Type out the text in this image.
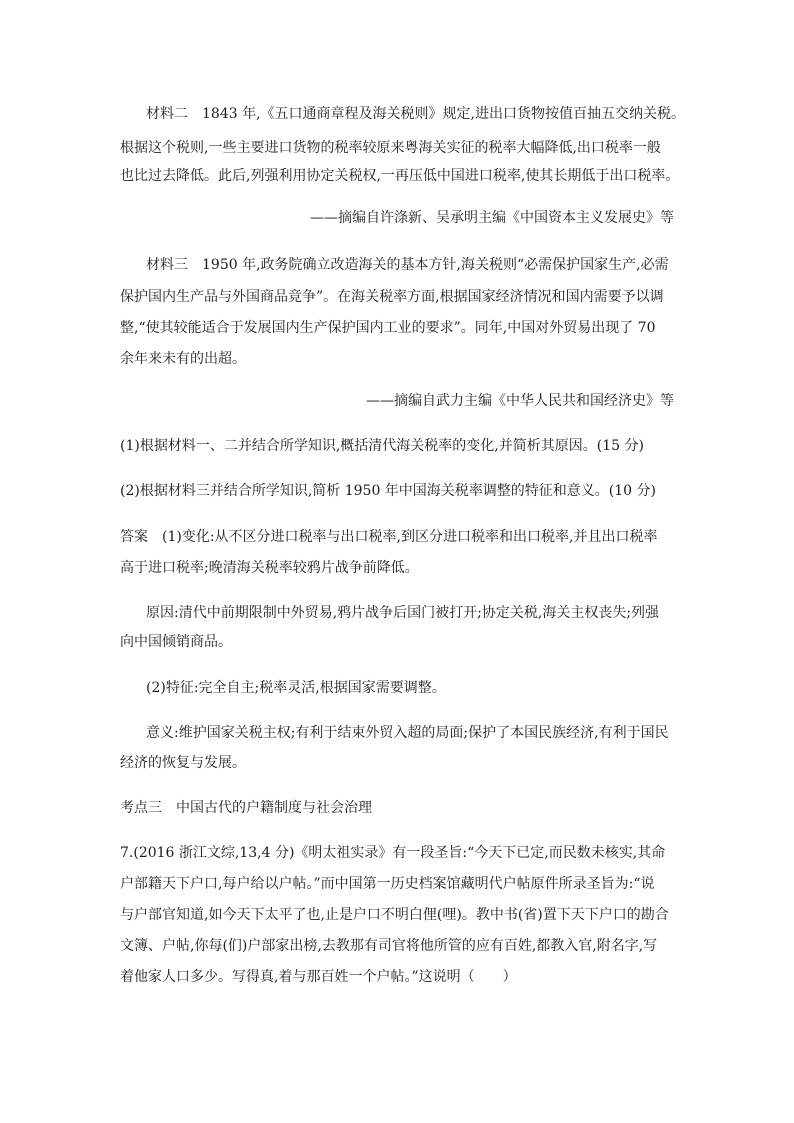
材料二　1843 年,《五口通商章程及海关税则》规定,进出口货物按值百抽五交纳关税。
根据这个税则,一些主要进口货物的税率较原来粤海关实征的税率大幅降低,出口税率一般
也比过去降低。此后,列强利用协定关税权,一再压低中国进口税率,使其长期低于出口税率。
——摘编自许涤新、吴承明主编《中国资本主义发展史》等
材料三　1950 年,政务院确立改造海关的基本方针,海关税则“必需保护国家生产,必需
保护国内生产品与外国商品竞争”。在海关税率方面,根据国家经济情况和国内需要予以调
整,“使其较能适合于发展国内生产保护国内工业的要求”。同年,中国对外贸易出现了 70
余年来未有的出超。
——摘编自武力主编《中华人民共和国经济史》等
(1)根据材料一、二并结合所学知识,概括清代海关税率的变化,并简析其原因。(15 分)
(2)根据材料三并结合所学知识,简析 1950 年中国海关税率调整的特征和意义。(10 分)
答案　(1)变化:从不区分进口税率与出口税率,到区分进口税率和出口税率,并且出口税率
高于进口税率;晚清海关税率较鸦片战争前降低。
原因:清代中前期限制中外贸易,鸦片战争后国门被打开;协定关税,海关主权丧失;列强
向中国倾销商品。
(2)特征:完全自主;税率灵活,根据国家需要调整。
意义:维护国家关税主权;有利于结束外贸入超的局面;保护了本国民族经济,有利于国民
经济的恢复与发展。
考点三　中国古代的户籍制度与社会治理
7.(2016 浙江文综,13,4 分)《明太祖实录》有一段圣旨:“今天下已定,而民数未核实,其命
户部籍天下户口,每户给以户帖。”而中国第一历史档案馆藏明代户帖原件所录圣旨为:“说
与户部官知道,如今天下太平了也,止是户口不明白俚(哩)。教中书(省)置下天下户口的勘合
文簿、户帖,你每(们)户部家出榜,去教那有司官将他所管的应有百姓,都教入官,附名字,写
着他家人口多少。写得真,着与那百姓一个户帖。”这说明（　　）
